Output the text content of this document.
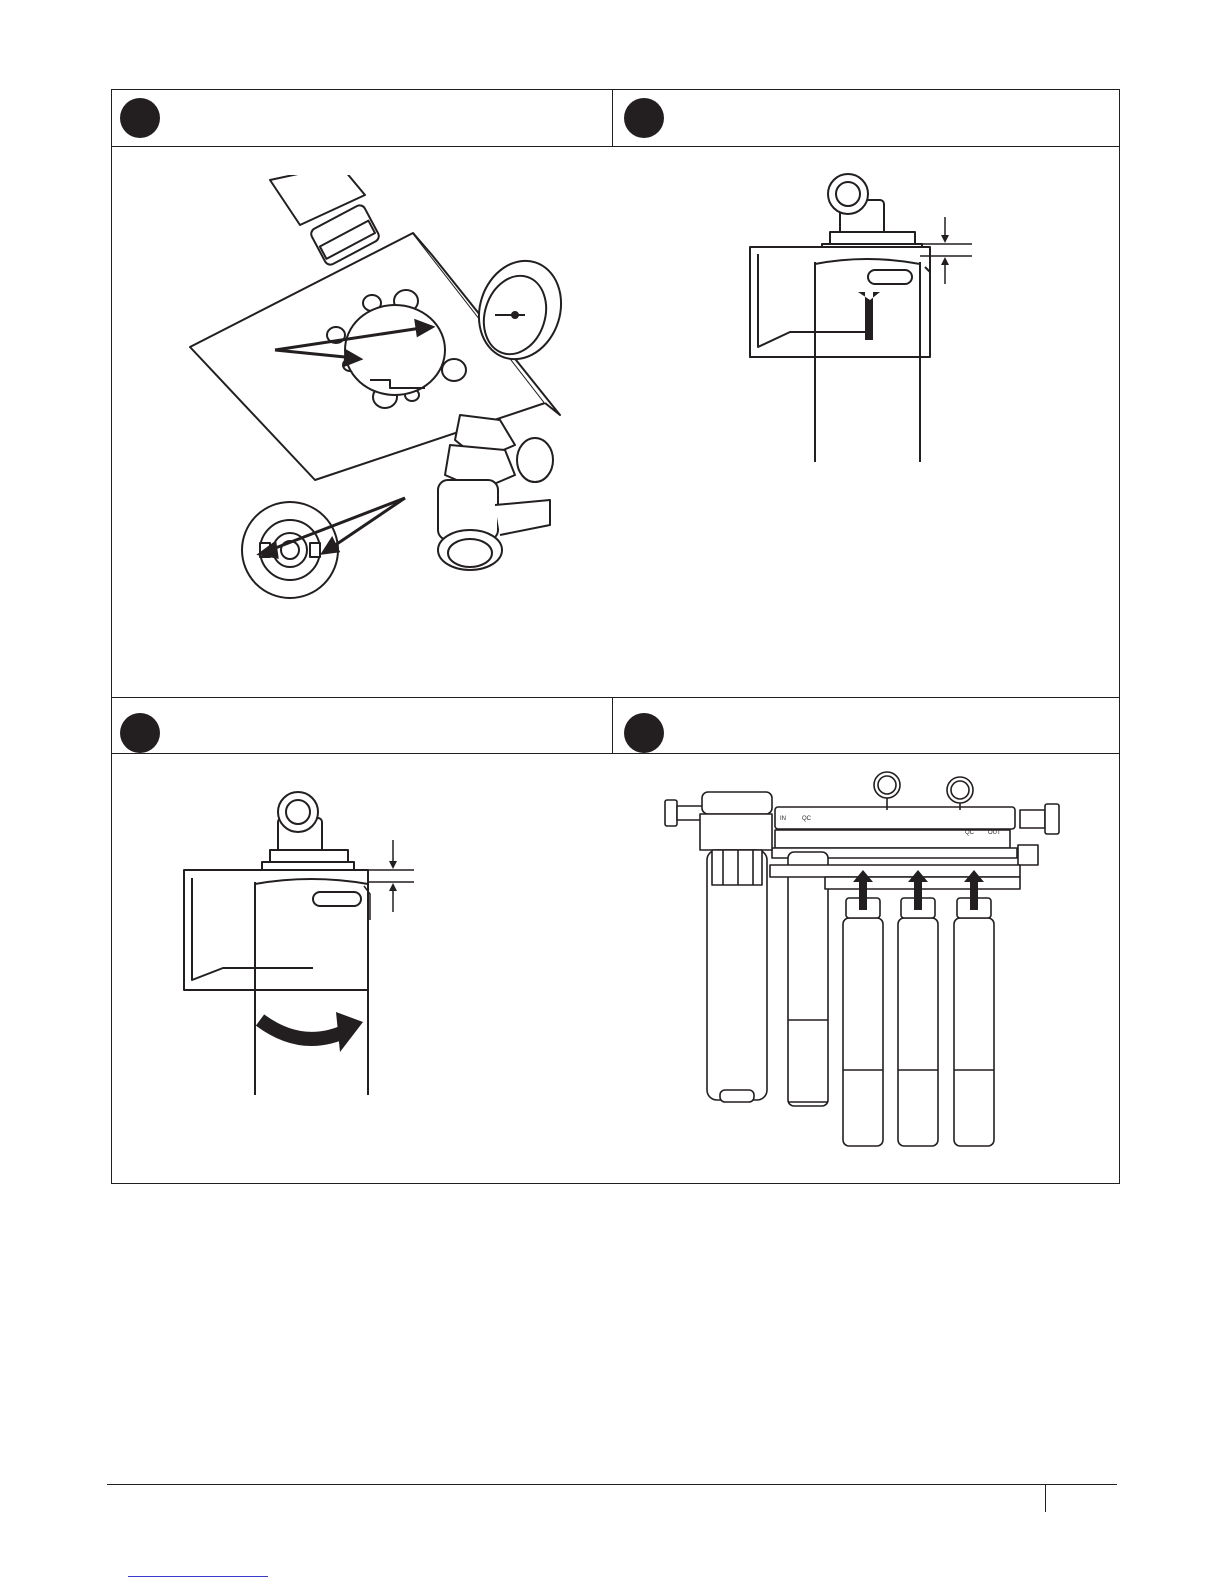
IN	QC
QC OUT
